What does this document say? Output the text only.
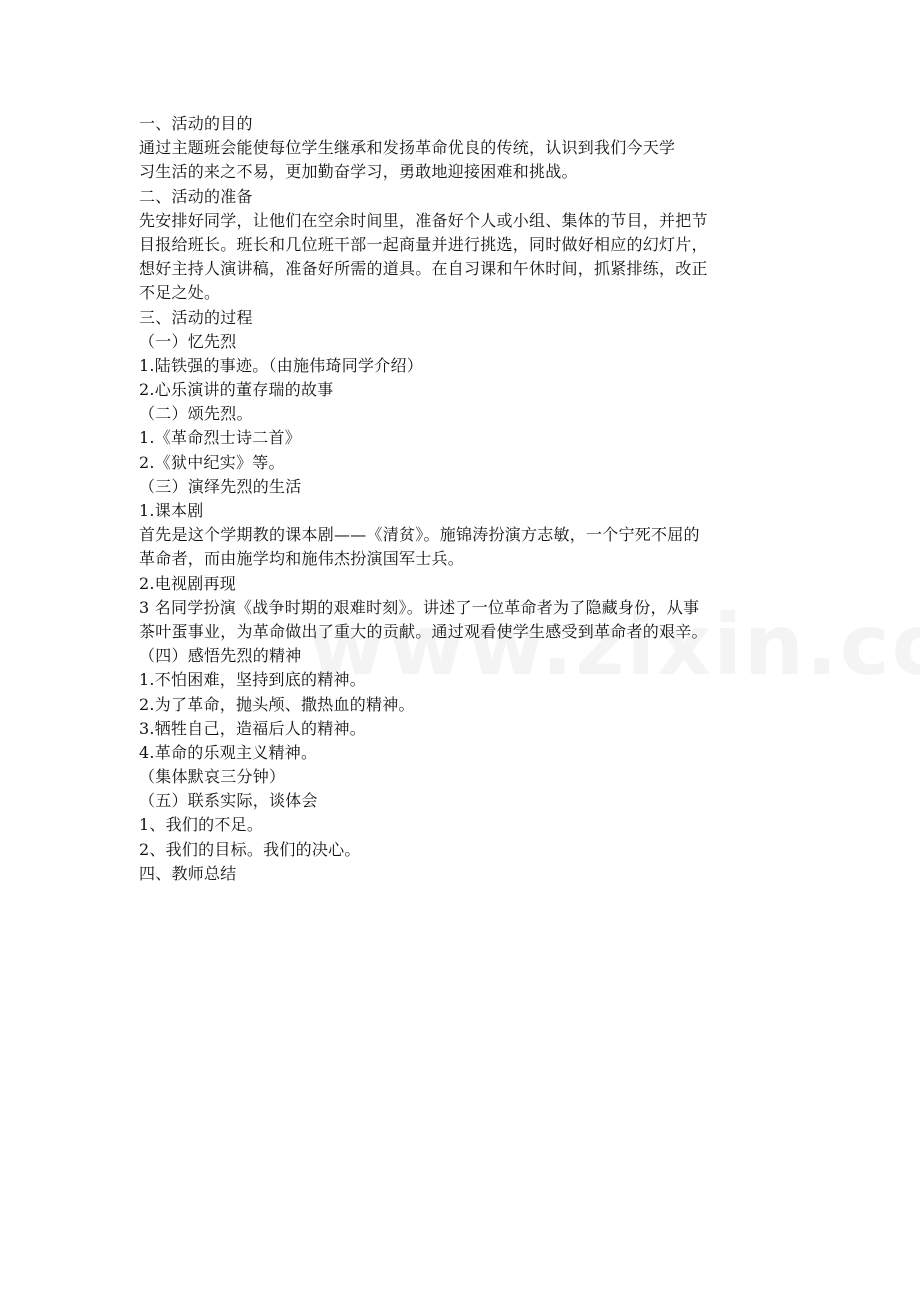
一、活动的目的
通过主题班会能使每位学生继承和发扬革命优良的传统，认识到我们今天学
习生活的来之不易，更加勤奋学习，勇敢地迎接困难和挑战。
二、活动的准备
先安排好同学，让他们在空余时间里，准备好个人或小组、集体的节目，并把节
目报给班长。班长和几位班干部一起商量并进行挑选，同时做好相应的幻灯片，
想好主持人演讲稿，准备好所需的道具。在自习课和午休时间，抓紧排练，改正
不足之处。
三、活动的过程
（一）忆先烈
1.陆铁强的事迹。（由施伟琦同学介绍）
2.心乐演讲的董存瑞的故事
（二）颂先烈。
1.《革命烈士诗二首》
2.《狱中纪实》等。
（三）演绎先烈的生活
1.课本剧
首先是这个学期教的课本剧——《清贫》。施锦涛扮演方志敏，一个宁死不屈的
革命者，而由施学均和施伟杰扮演国军士兵。
2.电视剧再现
3 名同学扮演《战争时期的艰难时刻》。讲述了一位革命者为了隐藏身份，从事
茶叶蛋事业，为革命做出了重大的贡献。通过观看使学生感受到革命者的艰辛。
（四）感悟先烈的精神
1.不怕困难，坚持到底的精神。
2.为了革命，抛头颅、撒热血的精神。
3.牺牲自己，造福后人的精神。
4.革命的乐观主义精神。
（集体默哀三分钟）
（五）联系实际，谈体会
1、我们的不足。
2、我们的目标。我们的决心。
四、教师总结
